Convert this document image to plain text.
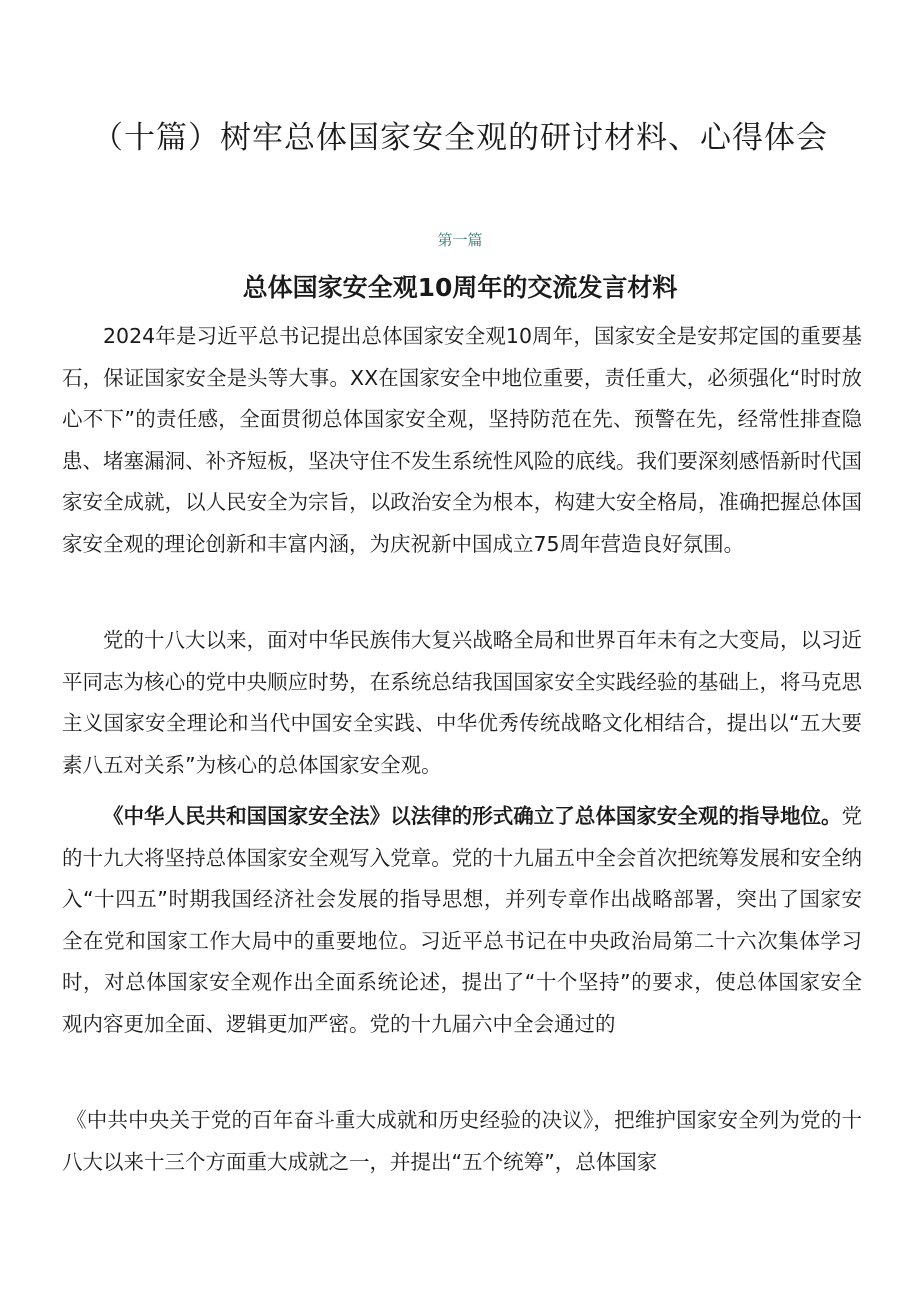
（十篇）树牢总体国家安全观的研讨材料、心得体会
第一篇
总体国家安全观10周年的交流发言材料

2024年是习近平总书记提出总体国家安全观10周年，国家安全是安邦定国的重要基石，保证国家安全是头等大事。XX在国家安全中地位重要，责任重大，必须强化“时时放心不下”的责任感，全面贯彻总体国家安全观，坚持防范在先、预警在先，经常性排查隐患、堵塞漏洞、补齐短板，坚决守住不发生系统性风险的底线。我们要深刻感悟新时代国家安全成就，以人民安全为宗旨，以政治安全为根本，构建大安全格局，准确把握总体国家安全观的理论创新和丰富内涵，为庆祝新中国成立75周年营造良好氛围。

党的十八大以来，面对中华民族伟大复兴战略全局和世界百年未有之大变局，以习近平同志为核心的党中央顺应时势，在系统总结我国国家安全实践经验的基础上，将马克思主义国家安全理论和当代中国安全实践、中华优秀传统战略文化相结合，提出以“五大要素八五对关系”为核心的总体国家安全观。

《中华人民共和国国家安全法》以法律的形式确立了总体国家安全观的指导地位。党的十九大将坚持总体国家安全观写入党章。党的十九届五中全会首次把统筹发展和安全纳入“十四五”时期我国经济社会发展的指导思想，并列专章作出战略部署，突出了国家安全在党和国家工作大局中的重要地位。习近平总书记在中央政治局第二十六次集体学习时，对总体国家安全观作出全面系统论述，提出了“十个坚持”的要求，使总体国家安全观内容更加全面、逻辑更加严密。党的十九届六中全会通过的

《中共中央关于党的百年奋斗重大成就和历史经验的决议》，把维护国家安全列为党的十八大以来十三个方面重大成就之一，并提出“五个统筹”，总体国家
